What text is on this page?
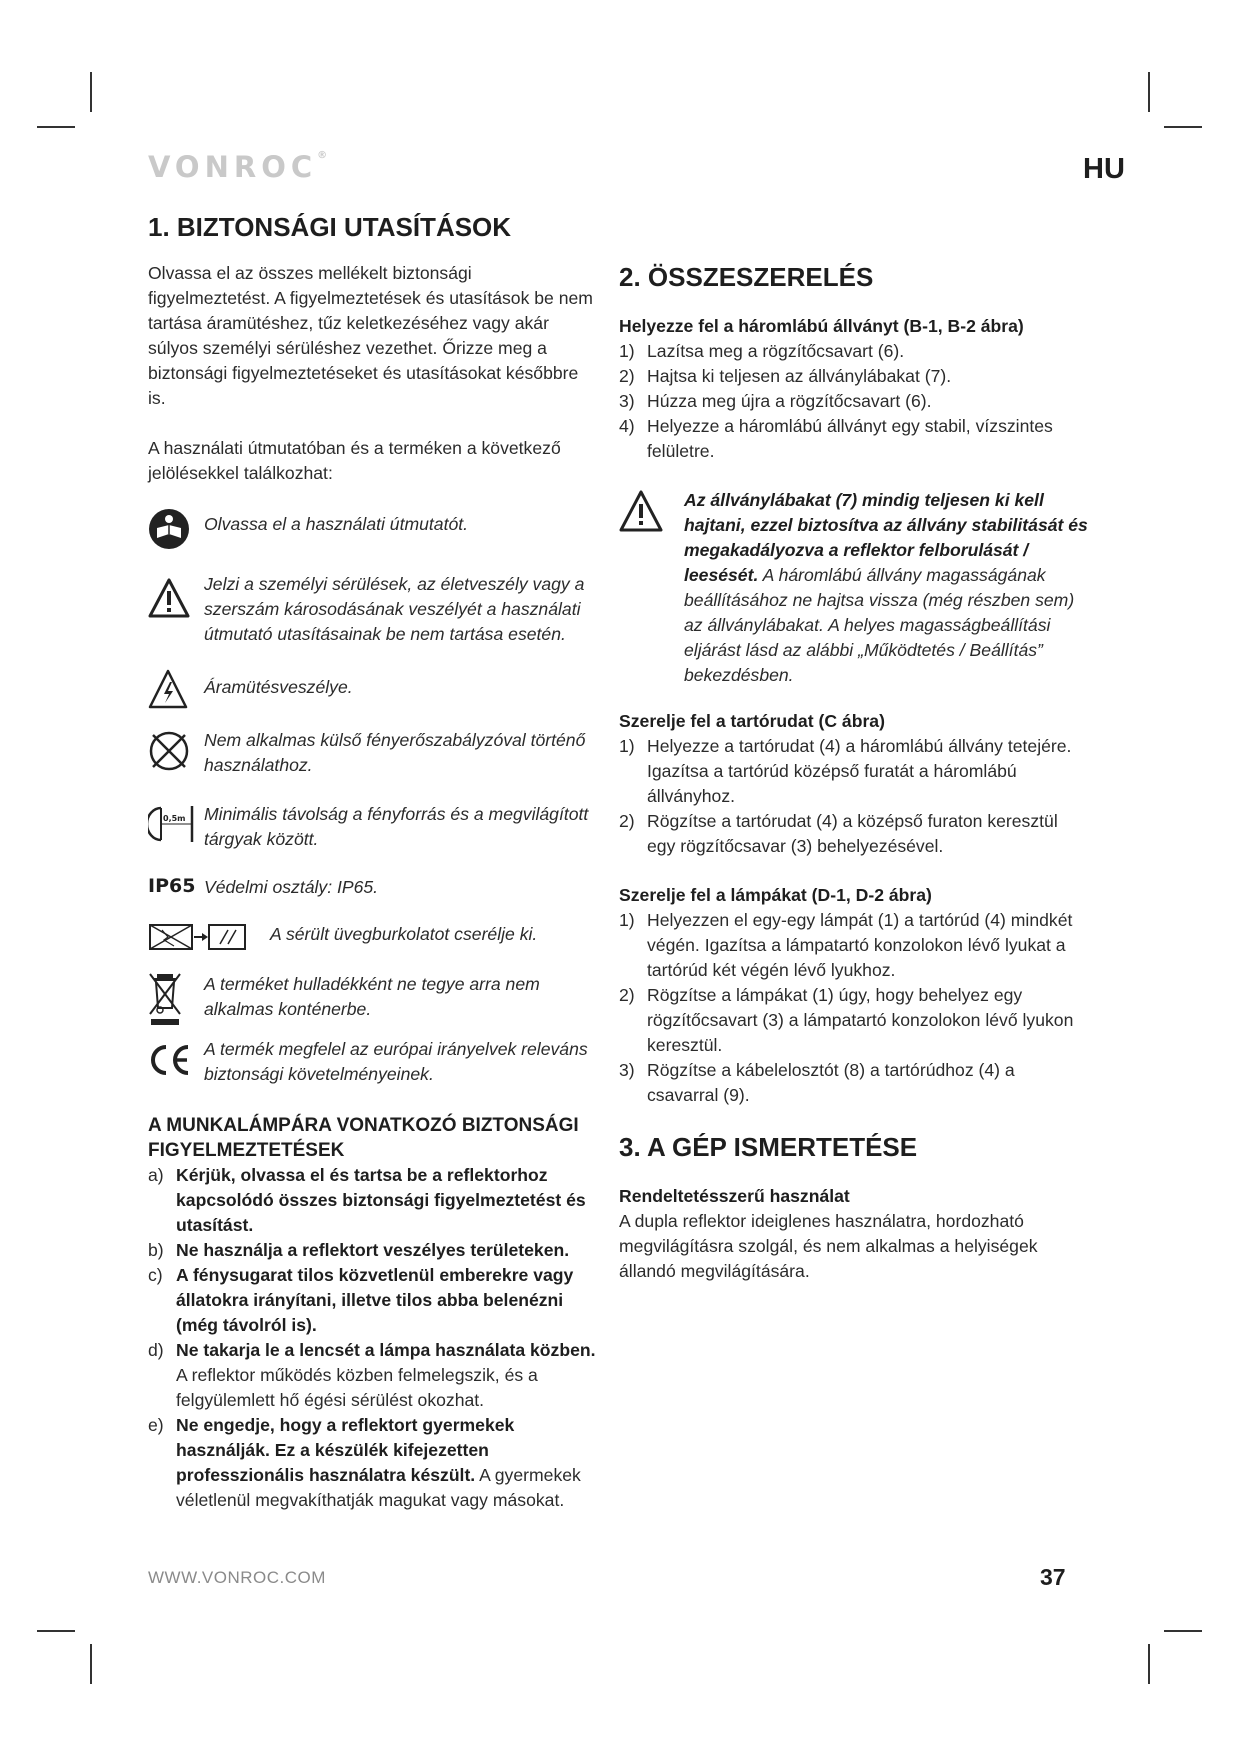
VONROC®	HU
1. BIZTONSÁGI UTASÍTÁSOK

Olvassa el az összes mellékelt biztonsági figyelmeztetést. A figyelmeztetések és utasítások be nem tartása áramütéshez, tűz keletkezéséhez vagy akár súlyos személyi sérüléshez vezethet. Őrizze meg a biztonsági figyelmeztetéseket és utasításokat későbbre is.

A használati útmutatóban és a terméken a következő jelölésekkel találkozhat:

Olvassa el a használati útmutatót.
Jelzi a személyi sérülések, az életveszély vagy a szerszám károsodásának veszélyét a használati útmutató utasításainak be nem tartása esetén.
Áramütésveszélye.
Nem alkalmas külső fényerőszabályzóval történő használathoz.
0,5m Minimális távolság a fényforrás és a megvilágított tárgyak között.
IP65 Védelmi osztály: IP65.
A sérült üvegburkolatot cserélje ki.
A terméket hulladékként ne tegye arra nem alkalmas konténerbe.
A termék megfelel az európai irányelvek releváns biztonsági követelményeinek.
A MUNKALÁMPÁRA VONATKOZÓ BIZTONSÁGI FIGYELMEZTETÉSEK
a) Kérjük, olvassa el és tartsa be a reflektorhoz kapcsolódó összes biztonsági figyelmeztetést és utasítást.
b) Ne használja a reflektort veszélyes területeken.
c) A fénysugarat tilos közvetlenül emberekre vagy állatokra irányítani, illetve tilos abba belenézni (még távolról is).
d) Ne takarja le a lencsét a lámpa használata közben. A reflektor működés közben felmelegszik, és a felgyülemlett hő égési sérülést okozhat.
e) Ne engedje, hogy a reflektort gyermekek használják. Ez a készülék kifejezetten professzionális használatra készült. A gyermekek véletlenül megvakíthatják magukat vagy másokat.
2. ÖSSZESZERELÉS

Helyezze fel a háromlábú állványt (B-1, B-2 ábra)

1) Lazítsa meg a rögzítőcsavart (6).
2) Hajtsa ki teljesen az állványlábakat (7).
3) Húzza meg újra a rögzítőcsavart (6).
4) Helyezze a háromlábú állványt egy stabil, vízszintes felületre.
Az állványlábakat (7) mindig teljesen ki kell hajtani, ezzel biztosítva az állvány stabilitását és megakadályozva a reflektor felborulását / leesését. A háromlábú állvány magasságának beállításához ne hajtsa vissza (még részben sem) az állványlábakat. A helyes magasságbeállítási eljárást lásd az alábbi „Működtetés / Beállítás” bekezdésben.

Szerelje fel a tartórudat (C ábra)

1) Helyezze a tartórudat (4) a háromlábú állvány tetejére. Igazítsa a tartórúd középső furatát a háromlábú állványhoz.
2) Rögzítse a tartórudat (4) a középső furaton keresztül egy rögzítőcsavar (3) behelyezésével.

Szerelje fel a lámpákat (D-1, D-2 ábra)

1) Helyezzen el egy-egy lámpát (1) a tartórúd (4) mindkét végén. Igazítsa a lámpatartó konzolokon lévő lyukat a tartórúd két végén lévő lyukhoz.
2) Rögzítse a lámpákat (1) úgy, hogy behelyez egy rögzítőcsavart (3) a lámpatartó konzolokon lévő lyukon keresztül.
3) Rögzítse a kábelelosztót (8) a tartórúdhoz (4) a csavarral (9).
3. A GÉP ISMERTETÉSE

Rendeltetésszerű használat

A dupla reflektor ideiglenes használatra, hordozható megvilágításra szolgál, és nem alkalmas a helyiségek állandó megvilágítására.

WWW.VONROC.COM	37
